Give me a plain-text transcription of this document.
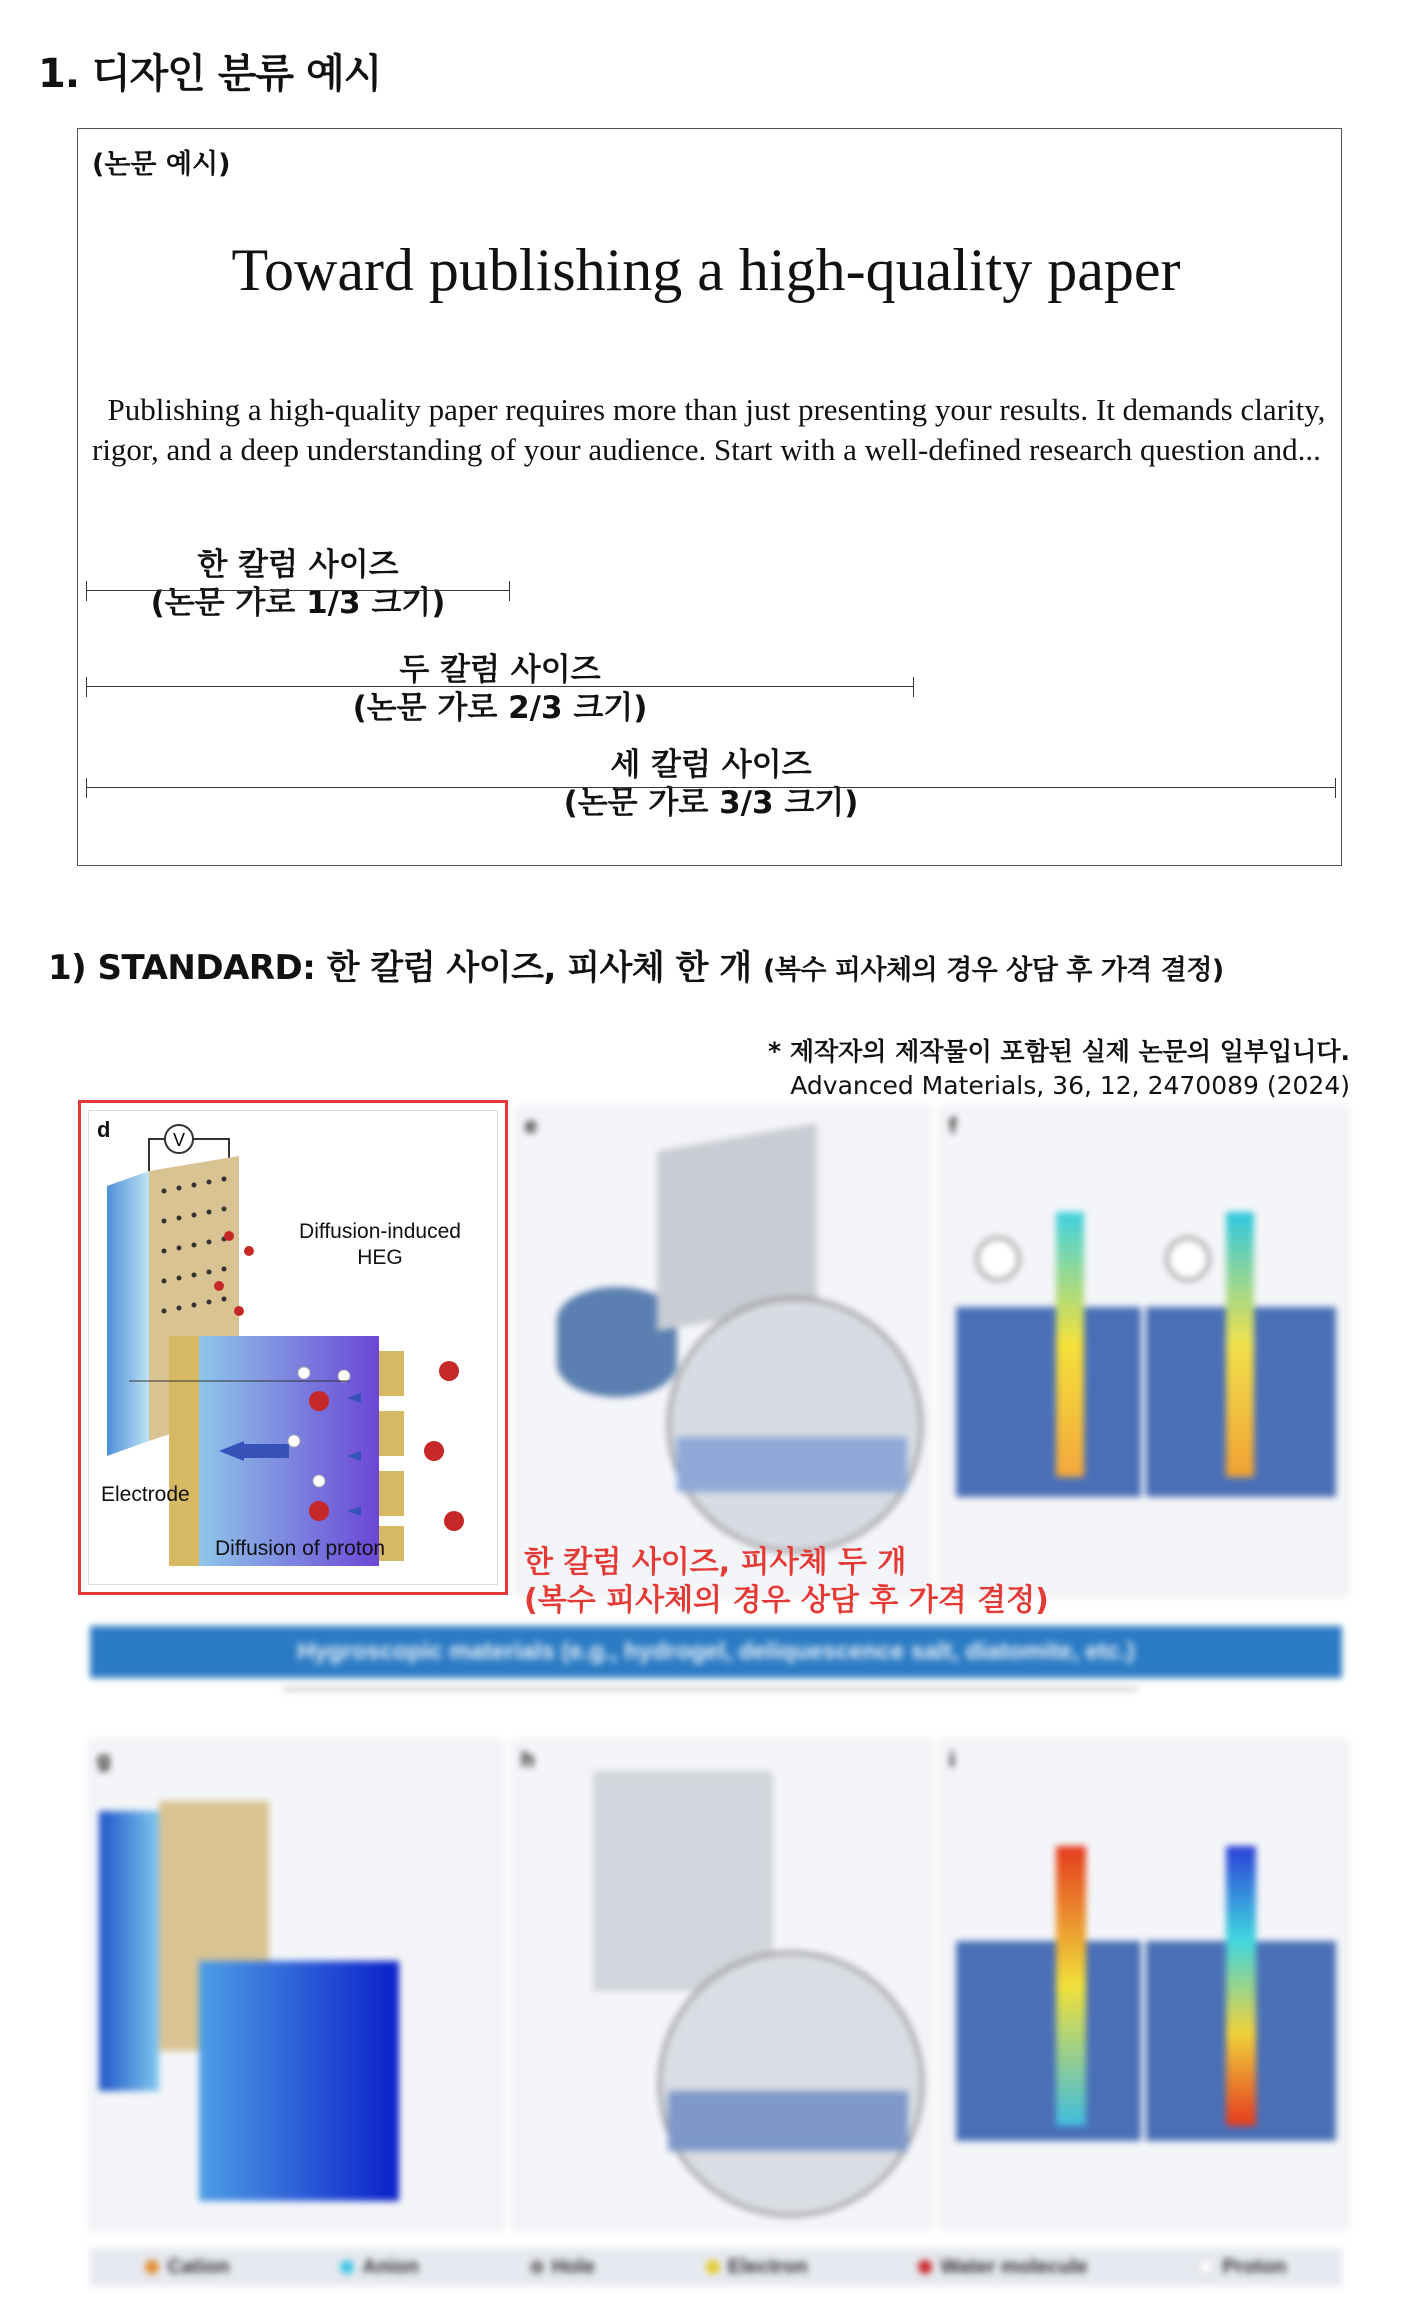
1. 디자인 분류 예시
(논문 예시)
Toward publishing a high-quality paper
Publishing a high-quality paper requires more than just presenting your results. It demands clarity, rigor, and a deep understanding of your audience. Start with a well-defined research question and...
한 칼럼 사이즈
(논문 가로 1/3 크기)
두 칼럼 사이즈
(논문 가로 2/3 크기)
세 칼럼 사이즈
(논문 가로 3/3 크기)
1) STANDARD: 한 칼럼 사이즈, 피사체 한 개 (복수 피사체의 경우 상담 후 가격 결정)
* 제작자의 제작물이 포함된 실제 논문의 일부입니다.
Advanced Materials, 36, 12, 2470089 (2024)
d	V
Diffusion-induced
HEG
Electrode
Diffusion of proton
e	f
한 칼럼 사이즈, 피사체 두 개
(복수 피사체의 경우 상담 후 가격 결정)
Hygroscopic materials (e.g., hydrogel, deliquescence salt, diatomite, etc.)
g	h	i
Cation	Anion	Hole	Electron	Water molecule	Proton
